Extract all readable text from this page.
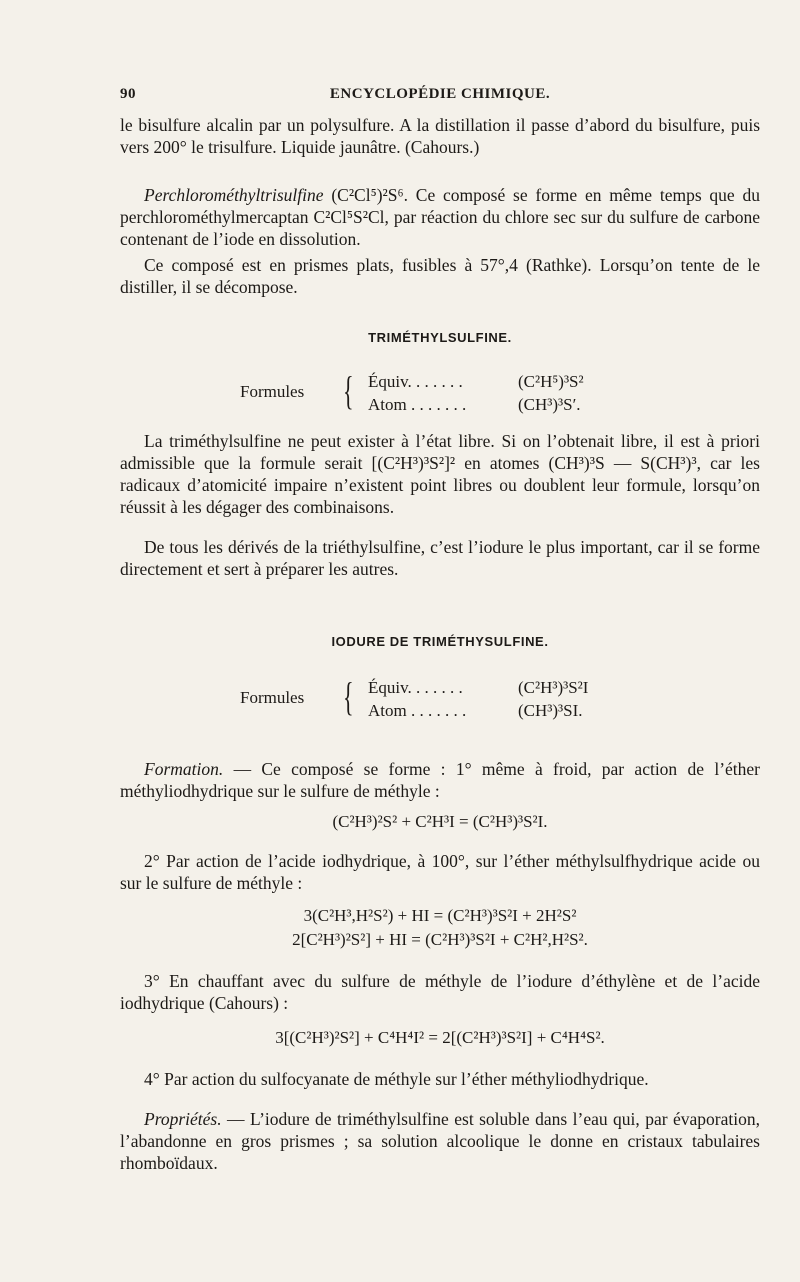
90	ENCYCLOPÉDIE CHIMIQUE.

le bisulfure alcalin par un polysulfure. A la distillation il passe d’abord du bisulfure, puis vers 200° le trisulfure. Liquide jaunâtre. (Cahours.)

Perchlorométhyltrisulfine (C²Cl⁵)²S⁶. Ce composé se forme en même temps que du perchlorométhylmercaptan C²Cl⁵S²Cl, par réaction du chlore sec sur du sulfure de carbone contenant de l’iode en dissolution.

Ce composé est en prismes plats, fusibles à 57°,4 (Rathke). Lorsqu’on tente de le distiller, il se décompose.

TRIMÉTHYLSULFINE.
Formules { Équiv. . . . . . .	(C²H⁵)³S²
Atom . . . . . . .	(CH³)³S′.

La triméthylsulfine ne peut exister à l’état libre. Si on l’obtenait libre, il est à priori admissible que la formule serait [(C²H³)³S²]² en atomes (CH³)³S — S(CH³)³, car les radicaux d’atomicité impaire n’existent point libres ou doublent leur formule, lorsqu’on réussit à les dégager des combinaisons.

De tous les dérivés de la triéthylsulfine, c’est l’iodure le plus important, car il se forme directement et sert à préparer les autres.

IODURE DE TRIMÉTHYSULFINE.
Formules { Équiv. . . . . . .	(C²H³)³S²I
Atom . . . . . . .	(CH³)³SI.

Formation. — Ce composé se forme : 1° même à froid, par action de l’éther méthyliodhydrique sur le sulfure de méthyle :

(C²H³)²S² + C²H³I = (C²H³)³S²I.

2° Par action de l’acide iodhydrique, à 100°, sur l’éther méthylsulfhydrique acide ou sur le sulfure de méthyle :

3(C²H³,H²S²) + HI = (C²H³)³S²I + 2H²S²
2[C²H³)²S²] + HI = (C²H³)³S²I + C²H²,H²S².

3° En chauffant avec du sulfure de méthyle de l’iodure d’éthylène et de l’acide iodhydrique (Cahours) :

3[(C²H³)²S²] + C⁴H⁴I² = 2[(C²H³)³S²I] + C⁴H⁴S².

4° Par action du sulfocyanate de méthyle sur l’éther méthyliodhydrique.

Propriétés. — L’iodure de triméthylsulfine est soluble dans l’eau qui, par évaporation, l’abandonne en gros prismes ; sa solution alcoolique le donne en cristaux tabulaires rhomboïdaux.
